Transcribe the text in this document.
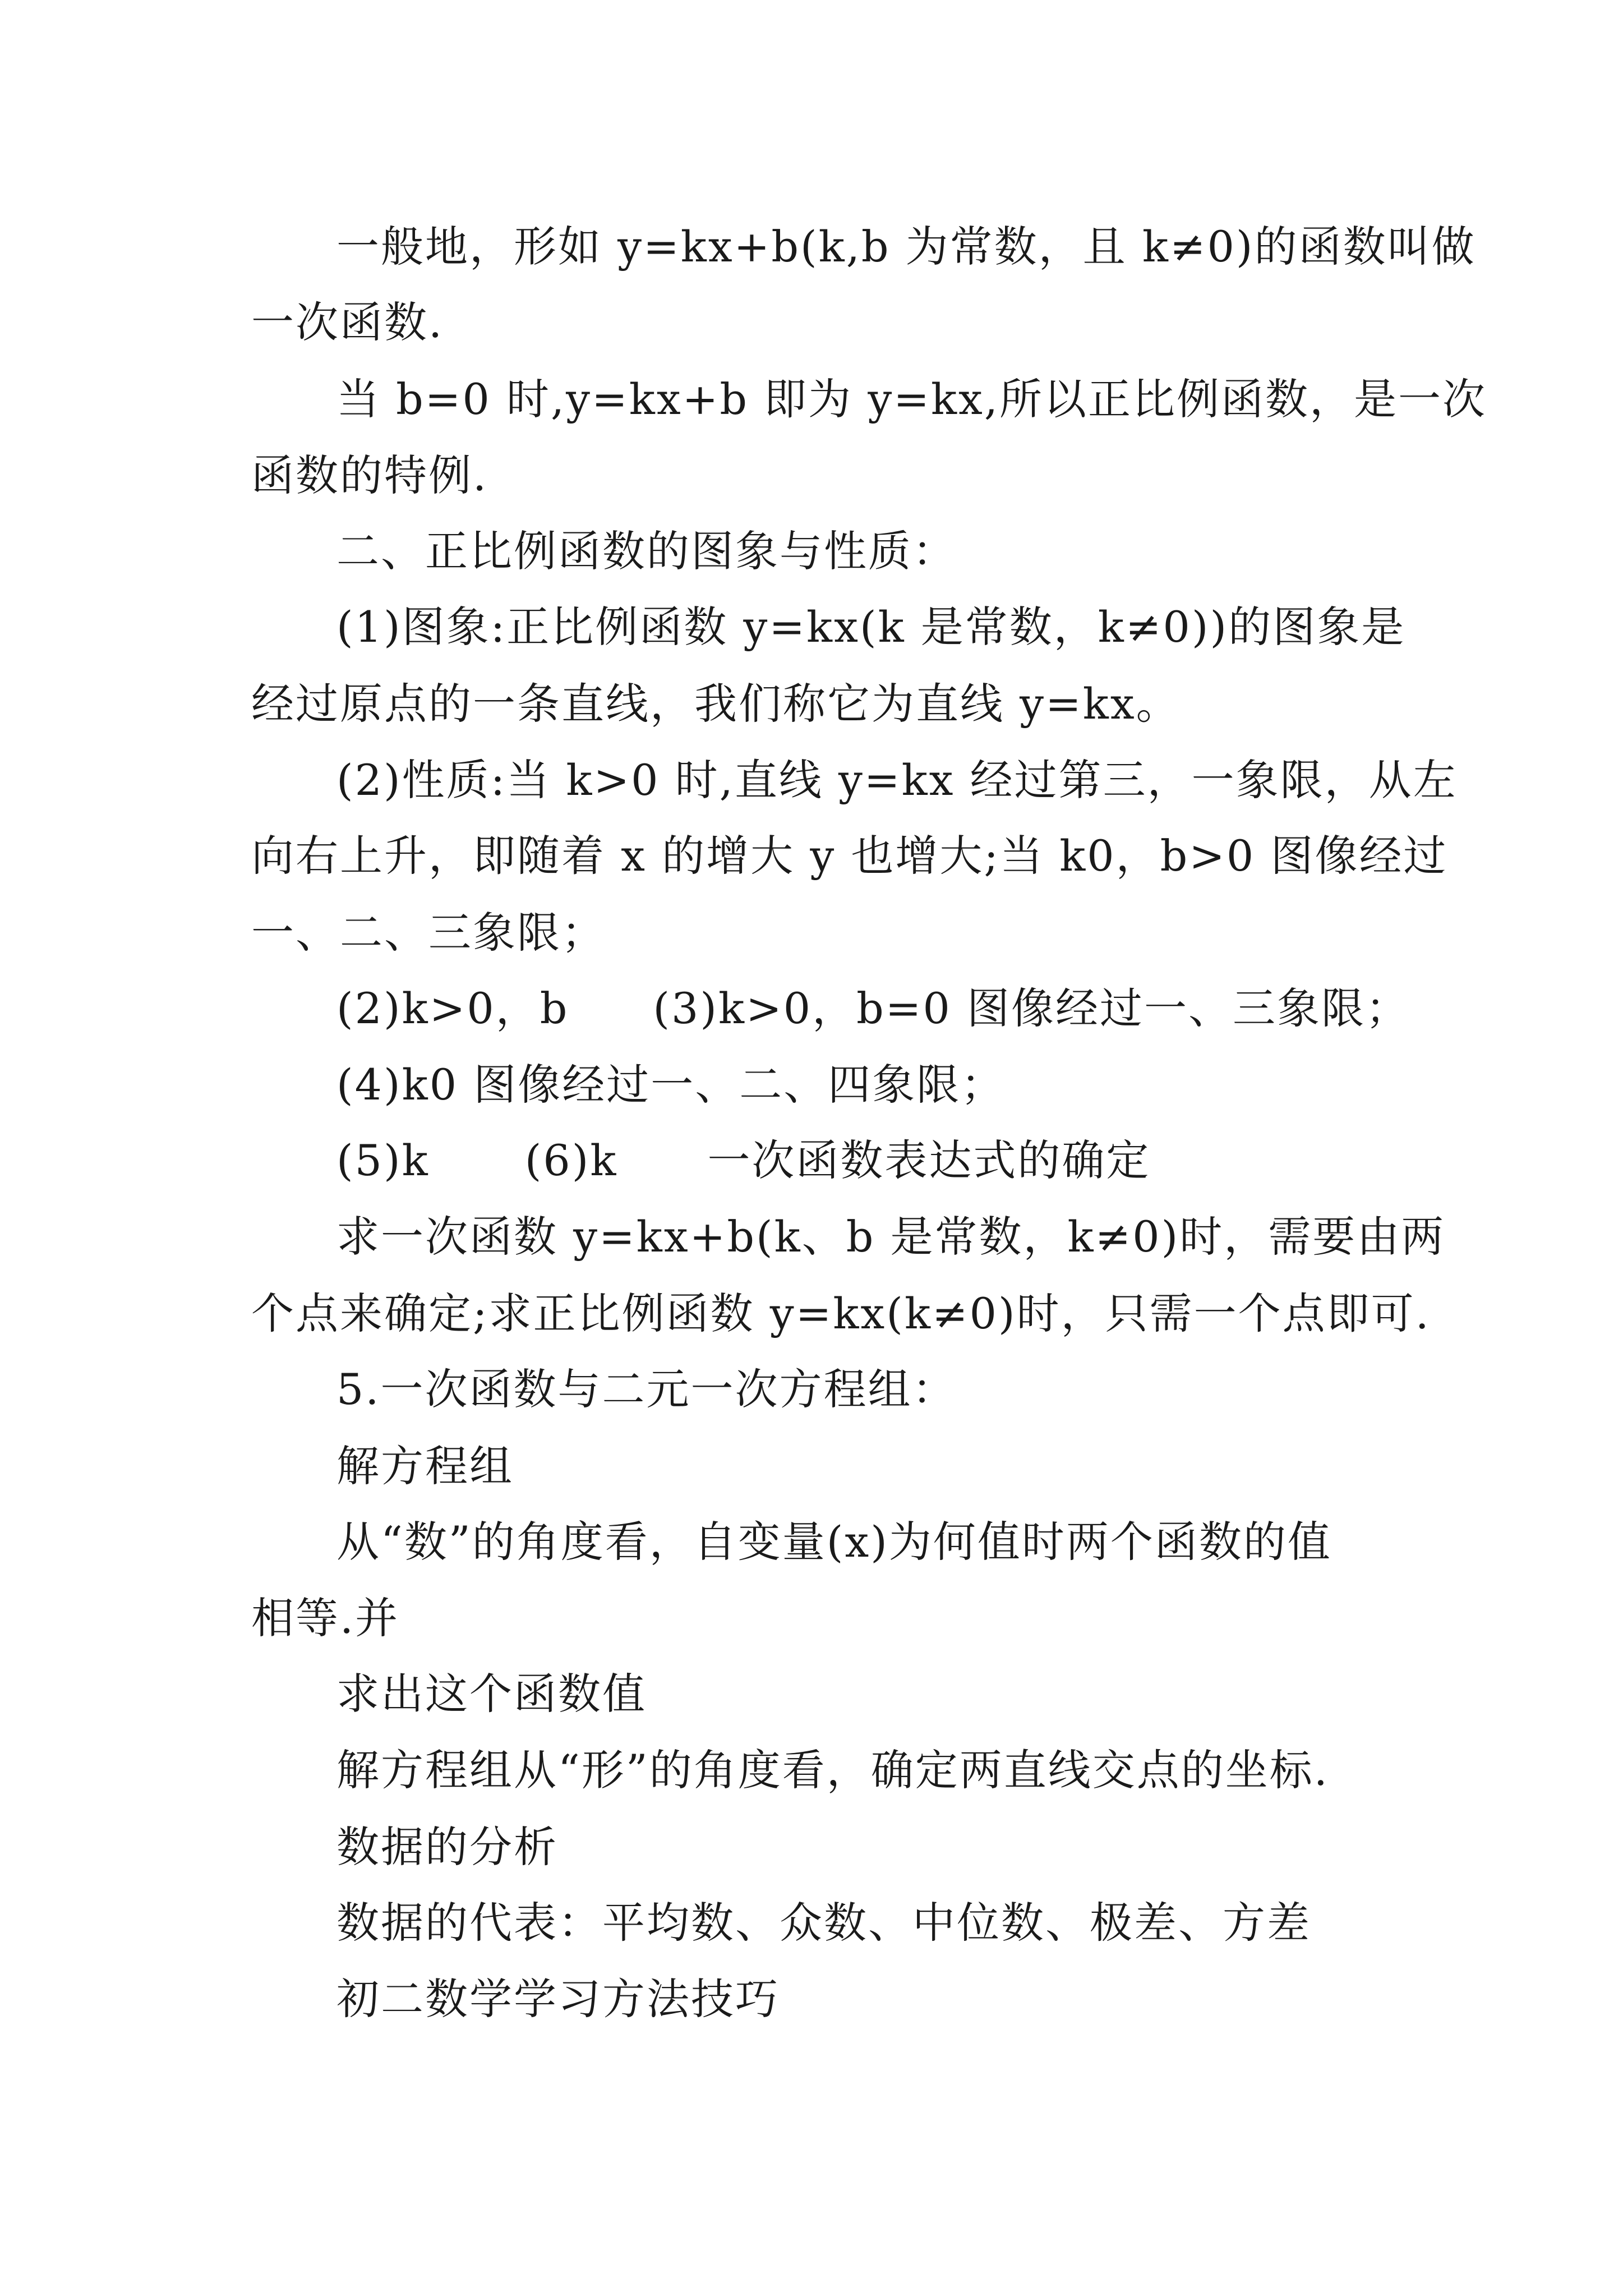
一般地，形如 y=kx+b(k,b 为常数，且 k≠0)的函数叫做
一次函数.
当 b=0 时,y=kx+b 即为 y=kx,所以正比例函数，是一次
函数的特例.
二、正比例函数的图象与性质：
(1)图象:正比例函数 y=kx(k 是常数，k≠0))的图象是
经过原点的一条直线，我们称它为直线 y=kx。
(2)性质:当 k>0 时,直线 y=kx 经过第三，一象限，从左
向右上升，即随着 x 的增大 y 也增大;当 k0，b>0 图像经过
一、二、三象限；
(2)k>0，b (3)k>0，b=0 图像经过一、三象限；
(4)k0 图像经过一、二、四象限；
(5)k (6)k 一次函数表达式的确定
求一次函数 y=kx+b(k、b 是常数，k≠0)时，需要由两
个点来确定;求正比例函数 y=kx(k≠0)时，只需一个点即可.
5.一次函数与二元一次方程组：
解方程组
从“数”的角度看，自变量(x)为何值时两个函数的值
相等.并
求出这个函数值
解方程组从“形”的角度看，确定两直线交点的坐标.
数据的分析
数据的代表：平均数、众数、中位数、极差、方差
初二数学学习方法技巧
